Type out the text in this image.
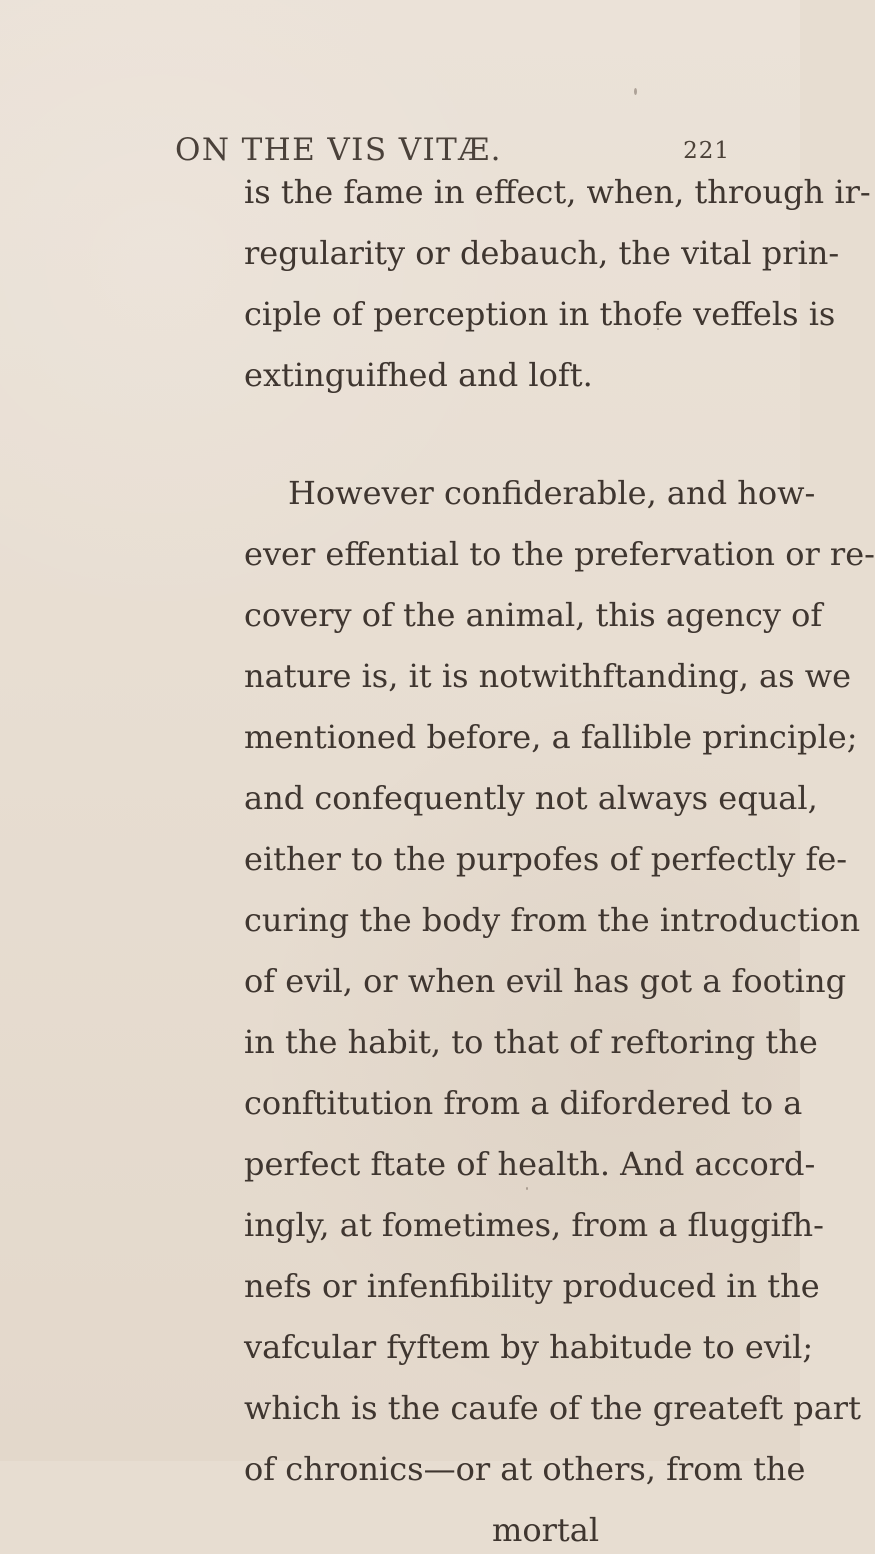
ON THE VIS VITÆ.	221
is the fame in effect, when, through ir-
regularity or debauch, the vital prin-
ciple of perception in thofe veffels is
extinguifhed and loft.
However confiderable, and how-
ever effential to the prefervation or re-
covery of the animal, this agency of
nature is, it is notwithftanding, as we
mentioned before, a fallible principle;
and confequently not always equal,
either to the purpofes of perfectly fe-
curing the body from the introduction
of evil, or when evil has got a footing
in the habit, to that of reftoring the
conftitution from a difordered to a
perfect ftate of health. And accord-
ingly, at fometimes, from a fluggifh-
nefs or infenfibility produced in the
vafcular fyftem by habitude to evil;
which is the caufe of the greateft part
of chronics—or at others, from the
mortal
